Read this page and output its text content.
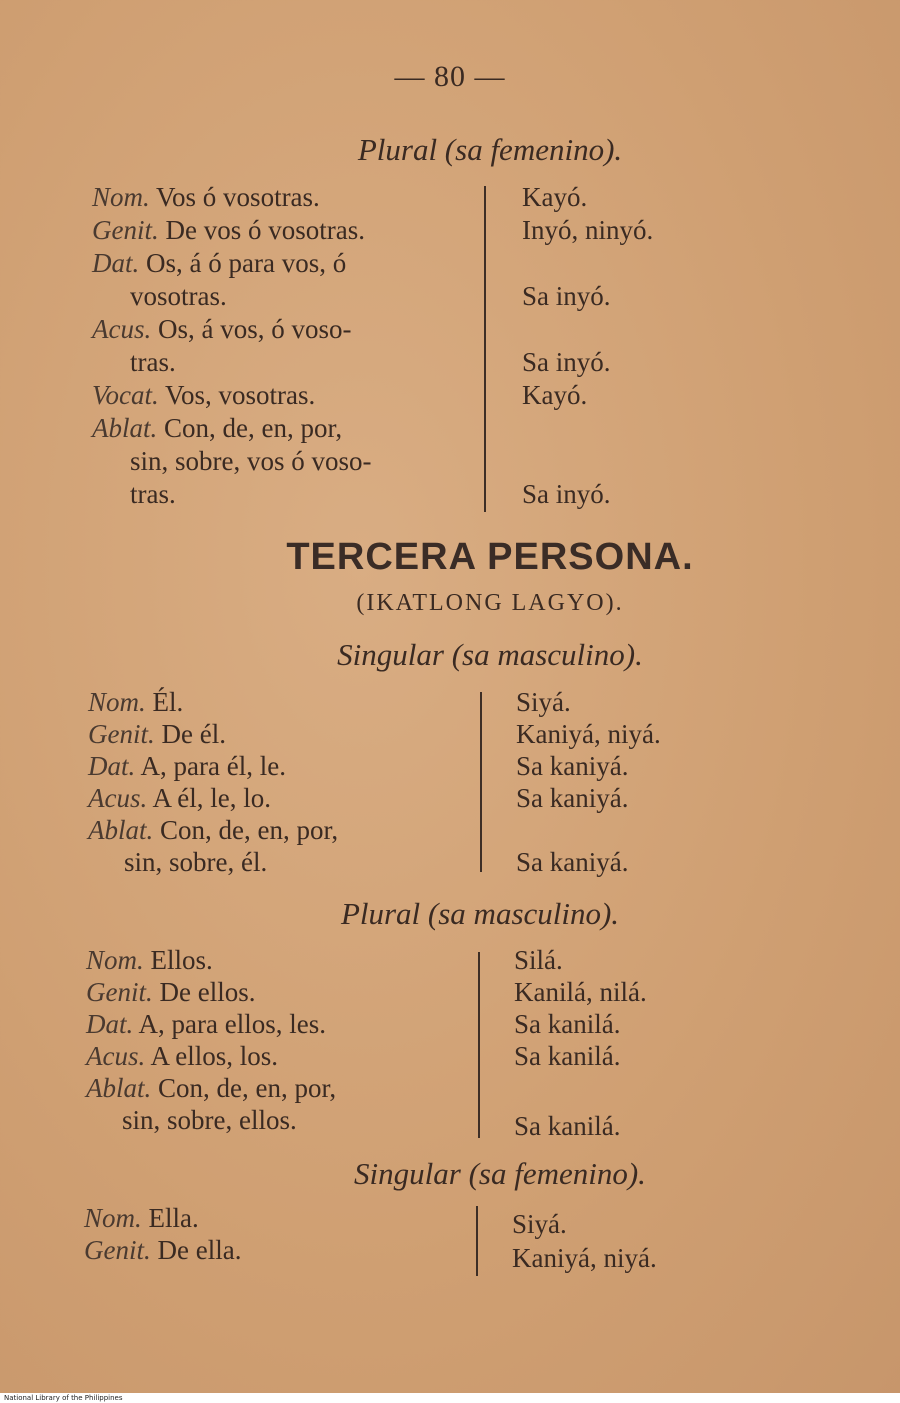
— 80 —
Plural (sa femenino).
Nom. Vos ó vosotras.
Genit. De vos ó vosotras.
Dat. Os, á ó para vos, ó
vosotras.
Acus. Os, á vos, ó voso-
tras.
Vocat. Vos, vosotras.
Ablat. Con, de, en, por,
sin, sobre, vos ó voso-
tras.
Kayó.
Inyó, ninyó.
Sa inyó.
Sa inyó.
Kayó.
Sa inyó.
TERCERA PERSONA.
(IKATLONG LAGYO).
Singular (sa masculino).
Nom. Él.
Genit. De él.
Dat. A, para él, le.
Acus. A él, le, lo.
Ablat. Con, de, en, por,
sin, sobre, él.
Siyá.
Kaniyá, niyá.
Sa kaniyá.
Sa kaniyá.
Sa kaniyá.
Plural (sa masculino).
Nom. Ellos.
Genit. De ellos.
Dat. A, para ellos, les.
Acus. A ellos, los.
Ablat. Con, de, en, por,
sin, sobre, ellos.
Silá.
Kanilá, nilá.
Sa kanilá.
Sa kanilá.
Sa kanilá.
Singular (sa femenino).
Nom. Ella.
Genit. De ella.
Siyá.
Kaniyá, niyá.
National Library of the Philippines
